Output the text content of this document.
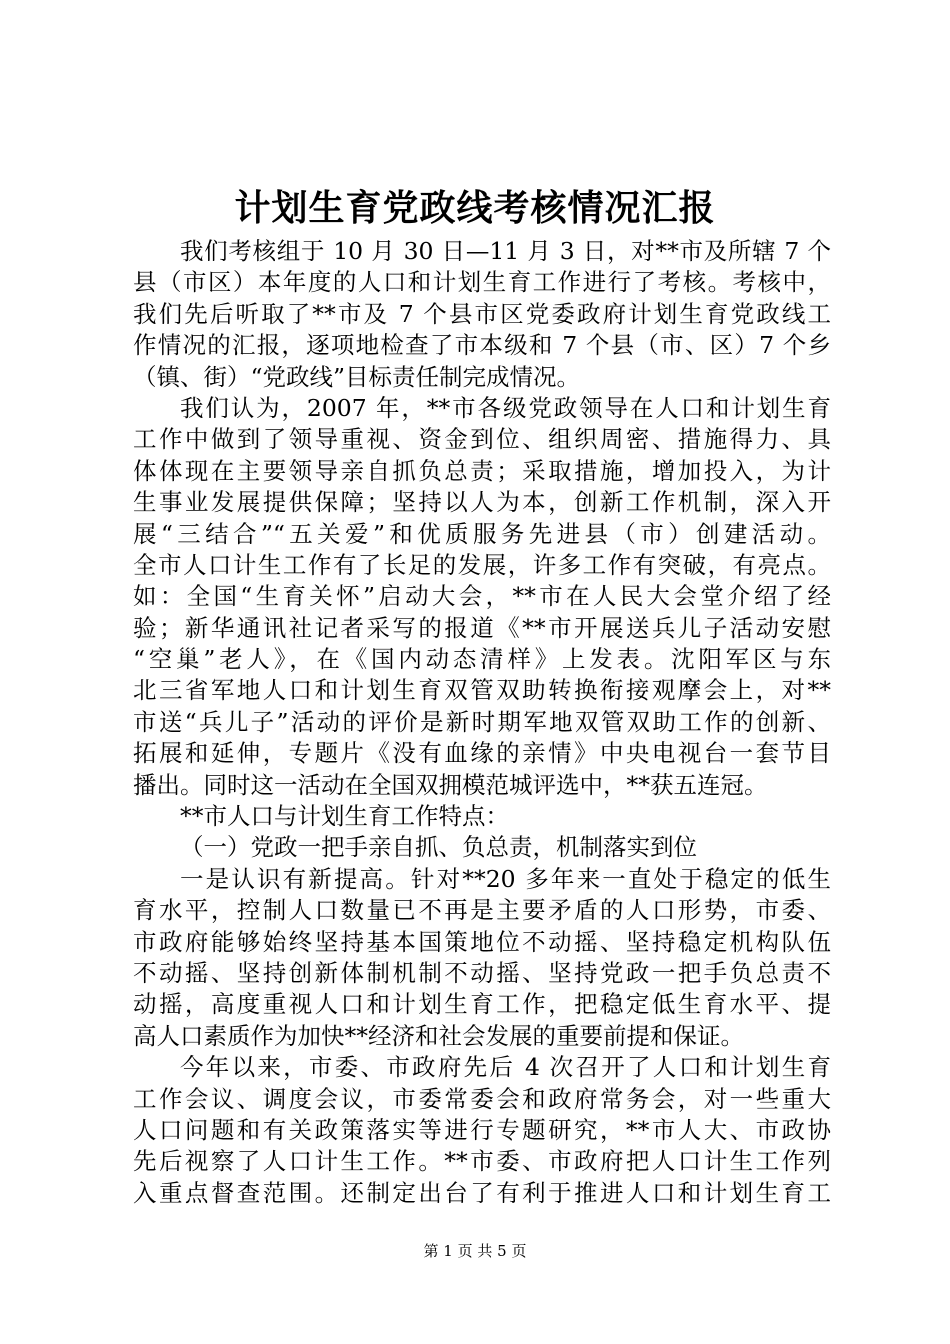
计划生育党政线考核情况汇报
我们考核组于 10 月 30 日—11 月 3 日，对**市及所辖 7 个
县（市区）本年度的人口和计划生育工作进行了考核。考核中，
我们先后听取了**市及 7 个县市区党委政府计划生育党政线工
作情况的汇报，逐项地检查了市本级和 7 个县（市、区）7 个乡
（镇、街）“党政线”目标责任制完成情况。
我们认为，2007 年，**市各级党政领导在人口和计划生育
工作中做到了领导重视、资金到位、组织周密、措施得力、具
体体现在主要领导亲自抓负总责；采取措施，增加投入，为计
生事业发展提供保障；坚持以人为本，创新工作机制，深入开
展“三结合”“五关爱”和优质服务先进县（市）创建活动。
全市人口计生工作有了长足的发展，许多工作有突破，有亮点。
如：全国“生育关怀”启动大会，**市在人民大会堂介绍了经
验；新华通讯社记者采写的报道《**市开展送兵儿子活动安慰
“空巢”老人》，在《国内动态清样》上发表。沈阳军区与东
北三省军地人口和计划生育双管双助转换衔接观摩会上，对**
市送“兵儿子”活动的评价是新时期军地双管双助工作的创新、
拓展和延伸，专题片《没有血缘的亲情》中央电视台一套节目
播出。同时这一活动在全国双拥模范城评选中，**获五连冠。
**市人口与计划生育工作特点：
（一）党政一把手亲自抓、负总责，机制落实到位
一是认识有新提高。针对**20 多年来一直处于稳定的低生
育水平，控制人口数量已不再是主要矛盾的人口形势，市委、
市政府能够始终坚持基本国策地位不动摇、坚持稳定机构队伍
不动摇、坚持创新体制机制不动摇、坚持党政一把手负总责不
动摇，高度重视人口和计划生育工作，把稳定低生育水平、提
高人口素质作为加快**经济和社会发展的重要前提和保证。
今年以来，市委、市政府先后 4 次召开了人口和计划生育
工作会议、调度会议，市委常委会和政府常务会，对一些重大
人口问题和有关政策落实等进行专题研究，**市人大、市政协
先后视察了人口计生工作。**市委、市政府把人口计生工作列
入重点督查范围。还制定出台了有利于推进人口和计划生育工
第 1 页 共 5 页
